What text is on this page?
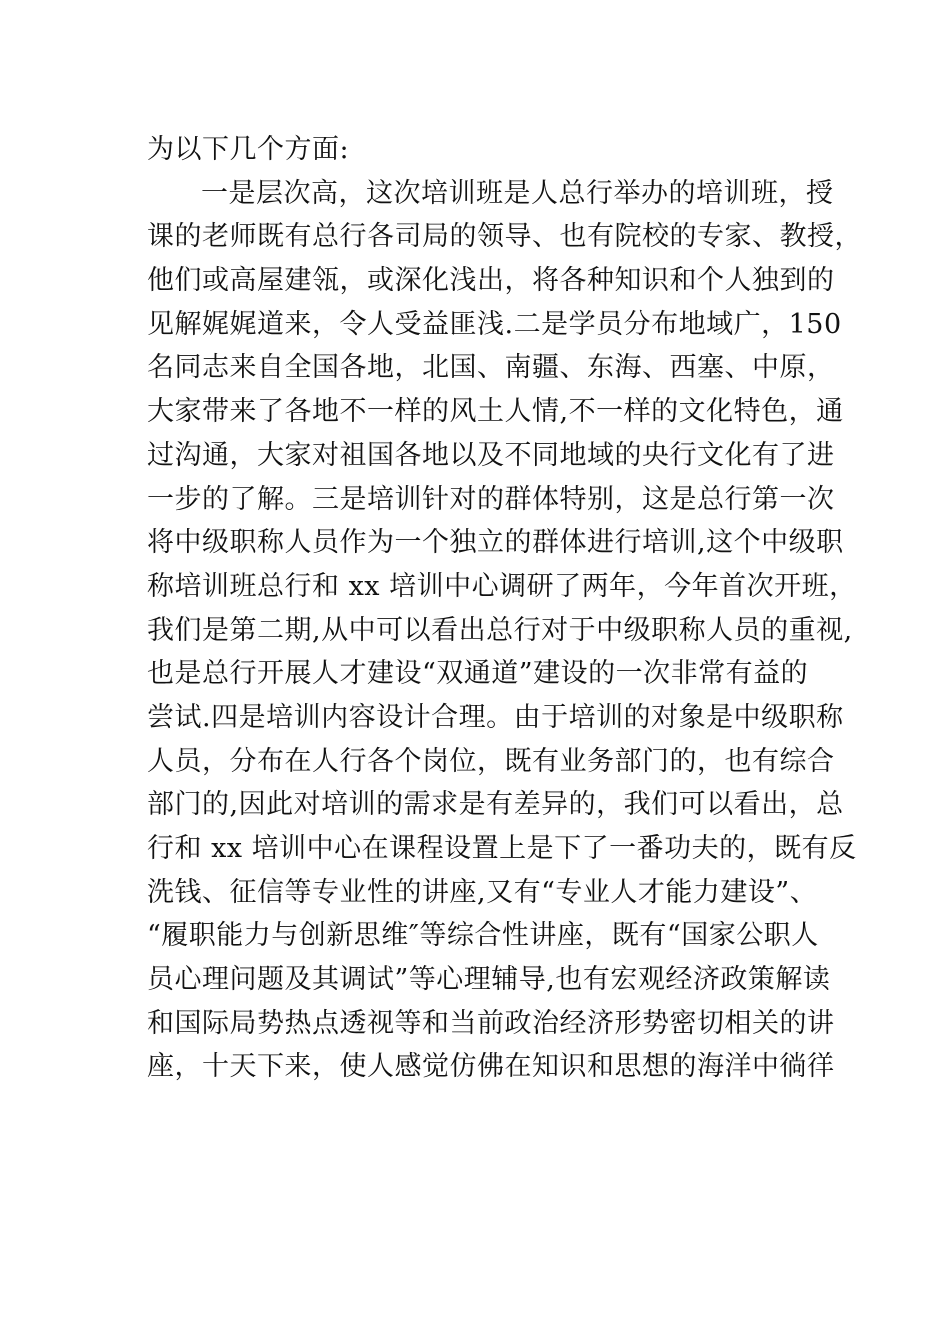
为以下几个方面:
一是层次高，这次培训班是人总行举办的培训班，授
课的老师既有总行各司局的领导、也有院校的专家、教授，
他们或高屋建瓴，或深化浅出，将各种知识和个人独到的
见解娓娓道来，令人受益匪浅.二是学员分布地域广，150
名同志来自全国各地，北国、南疆、东海、西塞、中原，
大家带来了各地不一样的风土人情,不一样的文化特色，通
过沟通，大家对祖国各地以及不同地域的央行文化有了进
一步的了解。三是培训针对的群体特别，这是总行第一次
将中级职称人员作为一个独立的群体进行培训,这个中级职
称培训班总行和 xx 培训中心调研了两年，今年首次开班，
我们是第二期,从中可以看出总行对于中级职称人员的重视,
也是总行开展人才建设“双通道”建设的一次非常有益的
尝试.四是培训内容设计合理。由于培训的对象是中级职称
人员，分布在人行各个岗位，既有业务部门的，也有综合
部门的,因此对培训的需求是有差异的，我们可以看出，总
行和 xx 培训中心在课程设置上是下了一番功夫的，既有反
洗钱、征信等专业性的讲座,又有“专业人才能力建设”、
“履职能力与创新思维″等综合性讲座，既有“国家公职人
员心理问题及其调试”等心理辅导,也有宏观经济政策解读
和国际局势热点透视等和当前政治经济形势密切相关的讲
座，十天下来，使人感觉仿佛在知识和思想的海洋中徜徉
